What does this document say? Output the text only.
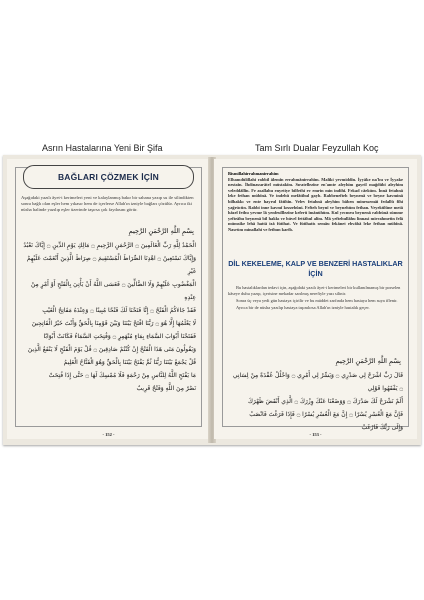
Asrın Hastalarına Yeni Bir Şifa	Tam Sırlı Dualar Feyzullah Koç
BAĞLARI ÇÖZMEK İÇİN
Aşağıdaki yazılı âyet-i kerimeleri yeni ve kalaylanmış bakır bir sahana yazıp su ile silindikten sonra bağlı olan eşler hem yıkasır hem de içerlerse Allah'ın izniyle bağları çözülür. Ayrıca iki nüsha halinde yazılıp eşler üzerinde taşırsa çok faydasını görür.
بِسْمِ اللَّهِ الرَّحْمَنِ الرَّحِيمِ
الْحَمْدُ لِلَّهِ رَبِّ الْعَالَمِينَ ۝ الرَّحْمَنِ الرَّحِيمِ ۝ مَالِكِ يَوْمِ الدِّينِ ۝ إِيَّاكَ نَعْبُدُ
وَإِيَّاكَ نَسْتَعِينُ ۝ اهْدِنَا الصِّرَاطَ الْمُسْتَقِيمَ ۝ صِرَاطَ الَّذِينَ أَنْعَمْتَ عَلَيْهِمْ غَيْرِ
الْمَغْضُوبِ عَلَيْهِمْ وَلَا الضَّالِّينَ ۝ فَعَسَى اللَّهُ أَنْ يَأْتِيَ بِالْفَتْحِ أَوْ أَمْرٍ مِنْ عِنْدِهِ
فَقَدْ جَاءَكُمُ الْفَتْحُ ۝ إِنَّا فَتَحْنَا لَكَ فَتْحًا مُبِينًا ۝ وَعِنْدَهُ مَفَاتِحُ الْغَيْبِ
لَا يَعْلَمُهَا إِلَّا هُوَ ۝ رَبَّنَا افْتَحْ بَيْنَنَا وَبَيْنَ قَوْمِنَا بِالْحَقِّ وَأَنْتَ خَيْرُ الْفَاتِحِينَ
فَفَتَحْنَا أَبْوَابَ السَّمَاءِ بِمَاءٍ مُنْهَمِرٍ ۝ وَفُتِحَتِ السَّمَاءُ فَكَانَتْ أَبْوَابًا
وَيَقُولُونَ مَتَى هَذَا الْفَتْحُ إِنْ كُنْتُمْ صَادِقِينَ ۝ قُلْ يَوْمَ الْفَتْحِ لَا يَنْفَعُ الَّذِينَ
قُلْ يَجْمَعُ بَيْنَنَا رَبُّنَا ثُمَّ يَفْتَحُ بَيْنَنَا بِالْحَقِّ وَهُوَ الْفَتَّاحُ الْعَلِيمُ
مَا يَفْتَحِ اللَّهُ لِلنَّاسِ مِنْ رَحْمَةٍ فَلَا مُمْسِكَ لَهَا ۝ حَتَّى إِذَا فُتِحَتْ
نَصْرٌ مِنَ اللَّهِ وَفَتْحٌ قَرِيبٌ
- 152 -
Bismillahirrahmanirrahim
Elhamdülillahi rabbil âlemîn errahmânirrahîm. Maliki yevmiddîn. İyyâke na'bu ve İyyake nestaîn. İhdinassırâtel müstakîm. Sıratellezîne en'amte aleyhim gayril mağdûbi aleyhim veleddâllîn. Fe asallahu enyetiye bilfethi ev emrin min indihî. Fekad câeküm. İnnâ fetahnâ leke fethan mübînâ. Ve indehû mefâtihul gayb. Rabbenefteh beynenâ ve beyne kavminâ bilhakkı ve ente hayrul fâtihîn. Velev fetahnâ aleyhim bâben minessemâi fedallû fîhi yağrücûn. Rabbi inne kavmî kezzebûni. Fefteh beynî ve beynehüm fethan. Veyekûlûne metâ hâzel fethu yevme lâ yenfeulllezîne keferû îmânühüm. Kul yecmeu beynenâ rabbünâ sümme yefteâhu beynenâ bil hakkı ve hüvel fettâhul alîm. Mâ yeftehullâhu linnasi mirrahmetin felâ mümsike lehâ hattâ izâ fütihat. Ve fütihatis semâu fekânet ebvâbâ leke fethan mübînâ. Nasrüm minallahi ve fethun karîb.
DİL KEKELEME, KALP VE BENZERİ HASTALIKLAR İÇİN

Bu hastalıklardan tedavi için, aşağıdaki yazılı âyet-i kerimeleri bir kullanılmamış bir porselen kâseye duhu yazıp, içerisine mekadar sarılmış nerefiyle yazı silinir.

Sonra üç veya yedi gün hastaya içirilir ve bu müddet zarfında hem hastaya hem suya iflenir.

Ayrıca bir de nüsha yazılıp hastaya taşınılırsa Allah'ın izniyle hastalık geçer.

بِسْمِ اللَّهِ الرَّحْمَنِ الرَّحِيمِ
قَالَ رَبِّ اشْرَحْ لِي صَدْرِي ۝ وَيَسِّرْ لِي أَمْرِي ۝ وَاحْلُلْ عُقْدَةً مِنْ لِسَانِي ۝ يَفْقَهُوا قَوْلِي
أَلَمْ نَشْرَحْ لَكَ صَدْرَكَ ۝ وَوَضَعْنَا عَنْكَ وِزْرَكَ ۝ الَّذِي أَنْقَضَ ظَهْرَكَ
فَإِنَّ مَعَ الْعُسْرِ يُسْرًا ۝ إِنَّ مَعَ الْعُسْرِ يُسْرًا ۝ فَإِذَا فَرَغْتَ فَانْصَبْ
وَإِلَى رَبِّكَ فَارْغَبْ
- 153 -
